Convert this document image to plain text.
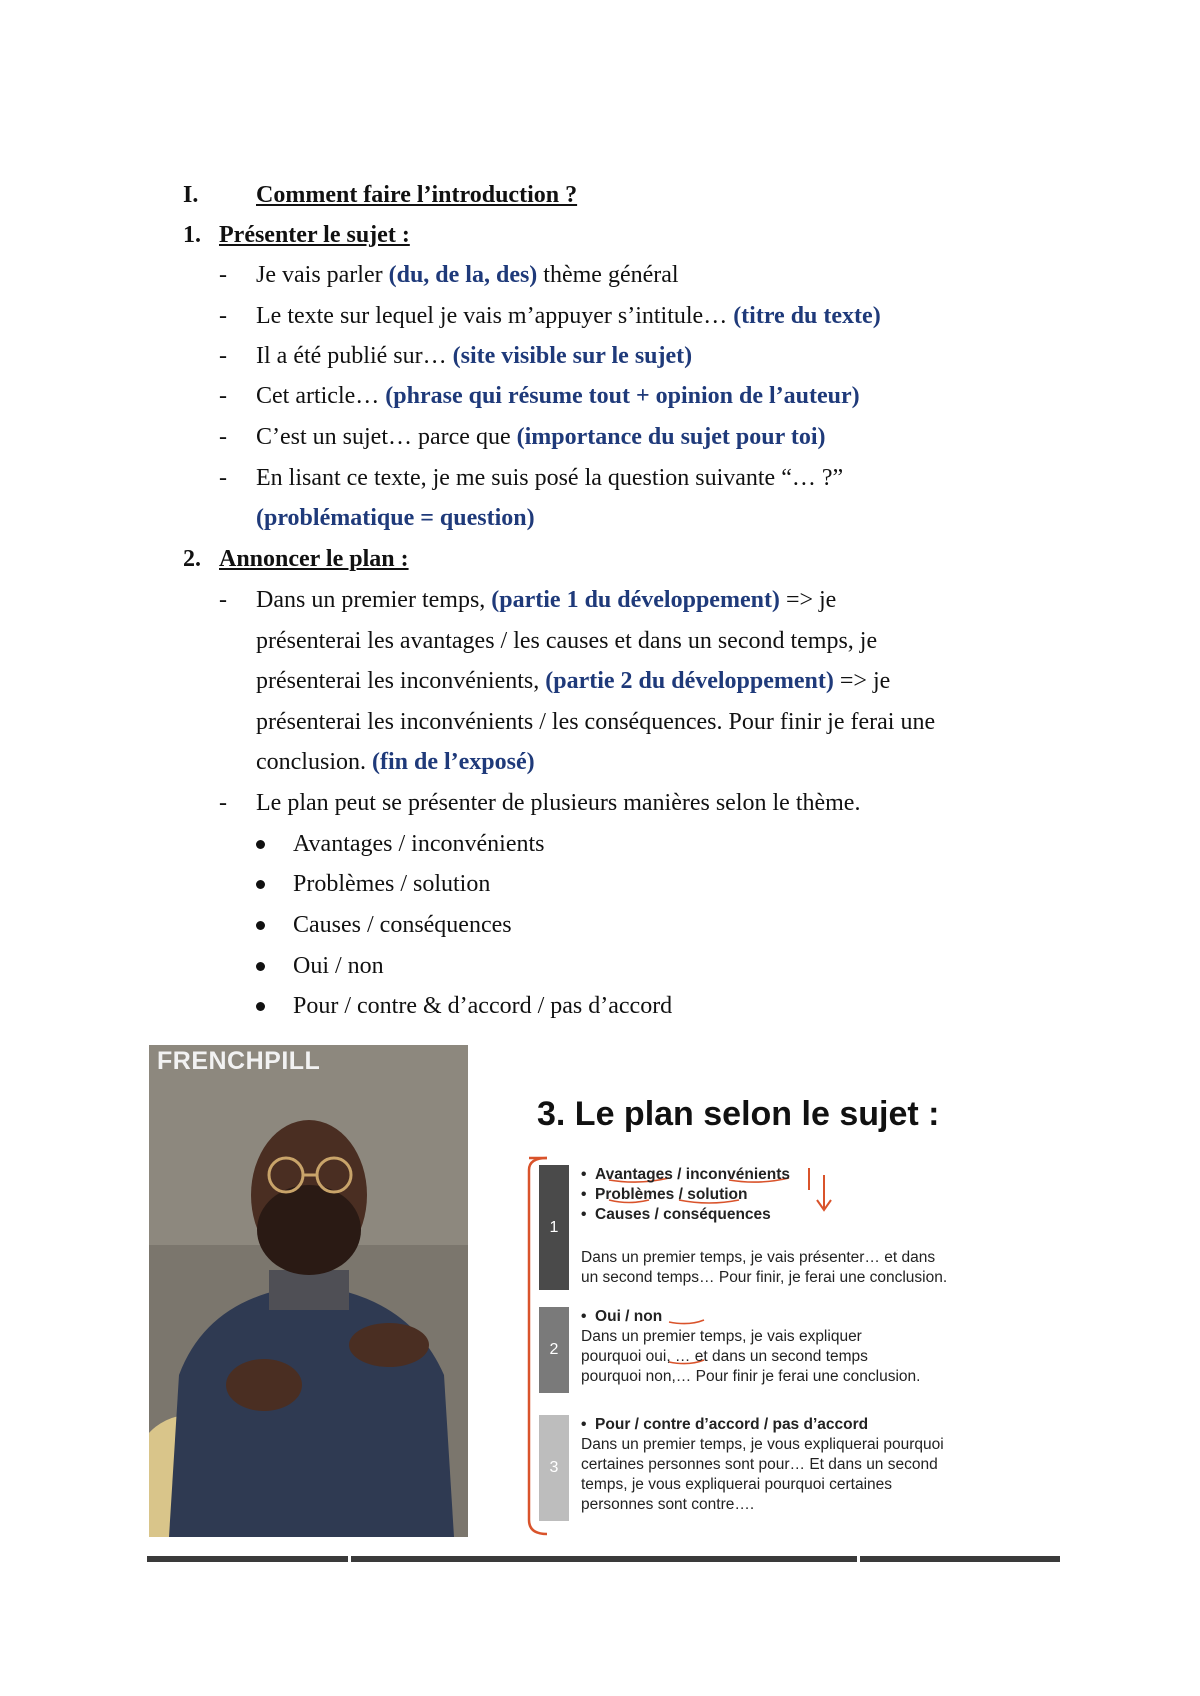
I. Comment faire l’introduction ?
1. Présenter le sujet :
- Je vais parler (du, de la, des) thème général
- Le texte sur lequel je vais m’appuyer s’intitule… (titre du texte)
- Il a été publié sur… (site visible sur le sujet)
- Cet article… (phrase qui résume tout + opinion de l’auteur)
- C’est un sujet… parce que (importance du sujet pour toi)
- En lisant ce texte, je me suis posé la question suivante “… ?”
(problématique = question)
2. Annoncer le plan :
- Dans un premier temps, (partie 1 du développement) => je
présenterai les avantages / les causes et dans un second temps, je
présenterai les inconvénients, (partie 2 du développement) => je
présenterai les inconvénients / les conséquences. Pour finir je ferai une
conclusion. (fin de l’exposé)
- Le plan peut se présenter de plusieurs manières selon le thème.
Avantages / inconvénients
Problèmes / solution
Causes / conséquences
Oui / non
Pour / contre & d’accord / pas d’accord
FRENCHPILL
3. Le plan selon le sujet :
1
•  Avantages / inconvénients
•  Problèmes / solution
•  Causes / conséquences
Dans un premier temps, je vais présenter… et dans
un second temps… Pour finir, je ferai une conclusion.
2
•  Oui / non
Dans un premier temps, je vais expliquer
pourquoi oui, … et dans un second temps
pourquoi non,… Pour finir je ferai une conclusion.
3
•  Pour / contre d’accord / pas d’accord
Dans un premier temps, je vous expliquerai pourquoi
certaines personnes sont pour… Et dans un second
temps, je vous expliquerai pourquoi certaines
personnes sont contre….
